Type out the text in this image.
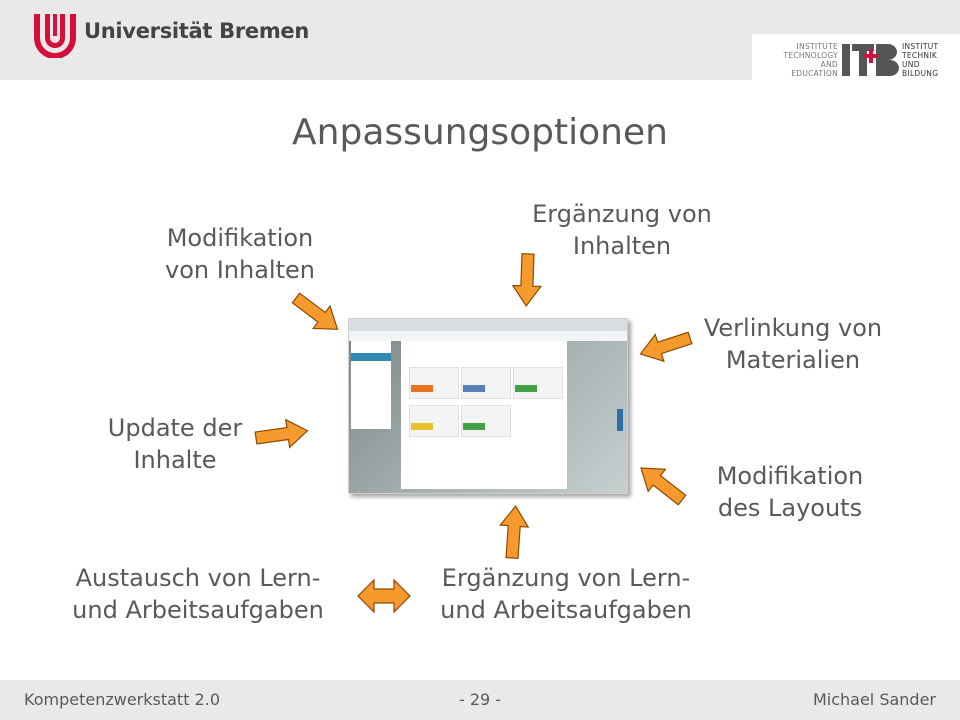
Universität Bremen
INSTITUTE
TECHNOLOGY
AND
EDUCATION
INSTITUT
TECHNIK
UND
BILDUNG
Anpassungsoptionen
Modifikation
von Inhalten
Ergänzung von
Inhalten
Verlinkung von
Materialien
Update der
Inhalte
Modifikation
des Layouts
Austausch von Lern-
und Arbeitsaufgaben
Ergänzung von Lern-
und Arbeitsaufgaben
Kompetenzwerkstatt 2.0	- 29 -	Michael Sander
